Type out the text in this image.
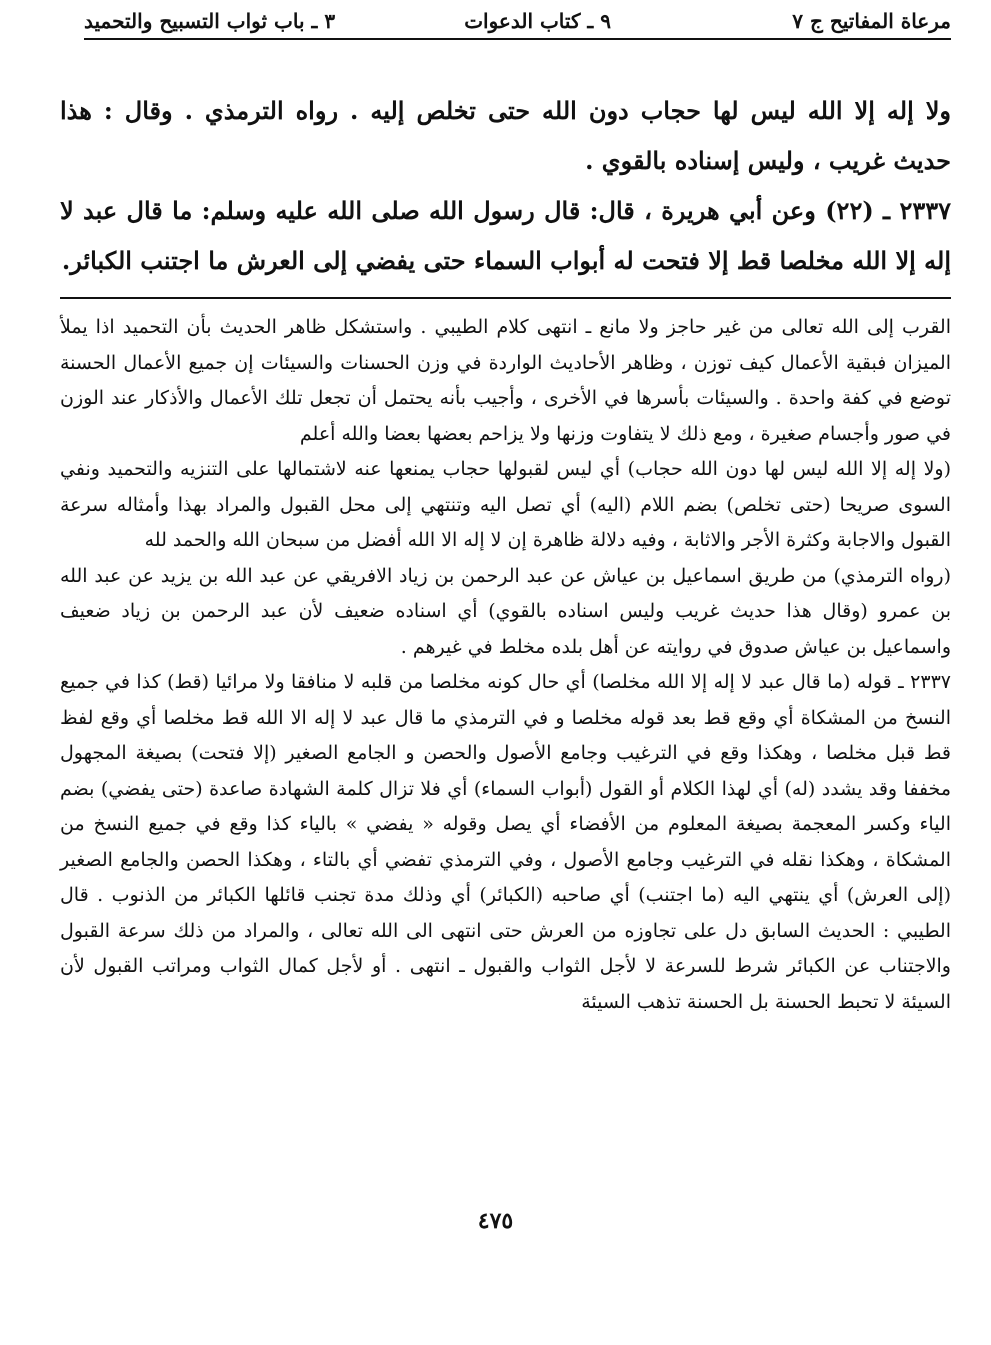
مرعاة المفاتيح ج ٧
٩ ـ كتاب الدعوات
٣ ـ باب ثواب التسبيح والتحميد

ولا إله إلا الله ليس لها حجاب دون الله حتى تخلص إليه . رواه الترمذي . وقال : هذا حديث غريب ، وليس إسناده بالقوي .

٢٣٣٧ ـ (٢٢) وعن أبي هريرة ، قال: قال رسول الله صلى الله عليه وسلم: ما قال عبد لا إله إلا الله مخلصا قط إلا فتحت له أبواب السماء حتى يفضي إلى العرش ما اجتنب الكبائر.

القرب إلى الله تعالى من غير حاجز ولا مانع ـ انتهى كلام الطيبي . واستشكل ظاهر الحديث بأن التحميد اذا يملأ الميزان فبقية الأعمال كيف توزن ، وظاهر الأحاديث الواردة في وزن الحسنات والسيئات إن جميع الأعمال الحسنة توضع في كفة واحدة . والسيئات بأسرها في الأخرى ، وأجيب بأنه يحتمل أن تجعل تلك الأعمال والأذكار عند الوزن في صور وأجسام صغيرة ، ومع ذلك لا يتفاوت وزنها ولا يزاحم بعضها بعضا والله أعلم

(ولا إله إلا الله ليس لها دون الله حجاب) أي ليس لقبولها حجاب يمنعها عنه لاشتمالها على التنزيه والتحميد ونفي السوى صريحا (حتى تخلص) بضم اللام (اليه) أي تصل اليه وتنتهي إلى محل القبول والمراد بهذا وأمثاله سرعة القبول والاجابة وكثرة الأجر والاثابة ، وفيه دلالة ظاهرة إن لا إله الا الله أفضل من سبحان الله والحمد لله

(رواه الترمذي) من طريق اسماعيل بن عياش عن عبد الرحمن بن زياد الافريقي عن عبد الله بن يزيد عن عبد الله بن عمرو (وقال هذا حديث غريب وليس اسناده بالقوي) أي اسناده ضعيف لأن عبد الرحمن بن زياد ضعيف واسماعيل بن عياش صدوق في روايته عن أهل بلده مخلط في غيرهم .

٢٣٣٧ ـ قوله (ما قال عبد لا إله إلا الله مخلصا) أي حال كونه مخلصا من قلبه لا منافقا ولا مرائيا (قط) كذا في جميع النسخ من المشكاة أي وقع قط بعد قوله مخلصا و في الترمذي ما قال عبد لا إله الا الله قط مخلصا أي وقع لفظ قط قبل مخلصا ، وهكذا وقع في الترغيب وجامع الأصول والحصن و الجامع الصغير (إلا فتحت) بصيغة المجهول مخففا وقد يشدد (له) أي لهذا الكلام أو القول (أبواب السماء) أي فلا تزال كلمة الشهادة صاعدة (حتى يفضي) بضم الياء وكسر المعجمة بصيغة المعلوم من الأفضاء أي يصل وقوله « يفضي » بالياء كذا وقع في جميع النسخ من المشكاة ، وهكذا نقله في الترغيب وجامع الأصول ، وفي الترمذي تفضي أي بالتاء ، وهكذا الحصن والجامع الصغير (إلى العرش) أي ينتهي اليه (ما اجتنب) أي صاحبه (الكبائر) أي وذلك مدة تجنب قائلها الكبائر من الذنوب . قال الطيبي : الحديث السابق دل على تجاوزه من العرش حتى انتهى الى الله تعالى ، والمراد من ذلك سرعة القبول والاجتناب عن الكبائر شرط للسرعة لا لأجل الثواب والقبول ـ انتهى . أو لأجل كمال الثواب ومراتب القبول لأن السيئة لا تحبط الحسنة بل الحسنة تذهب السيئة

٤٧٥
